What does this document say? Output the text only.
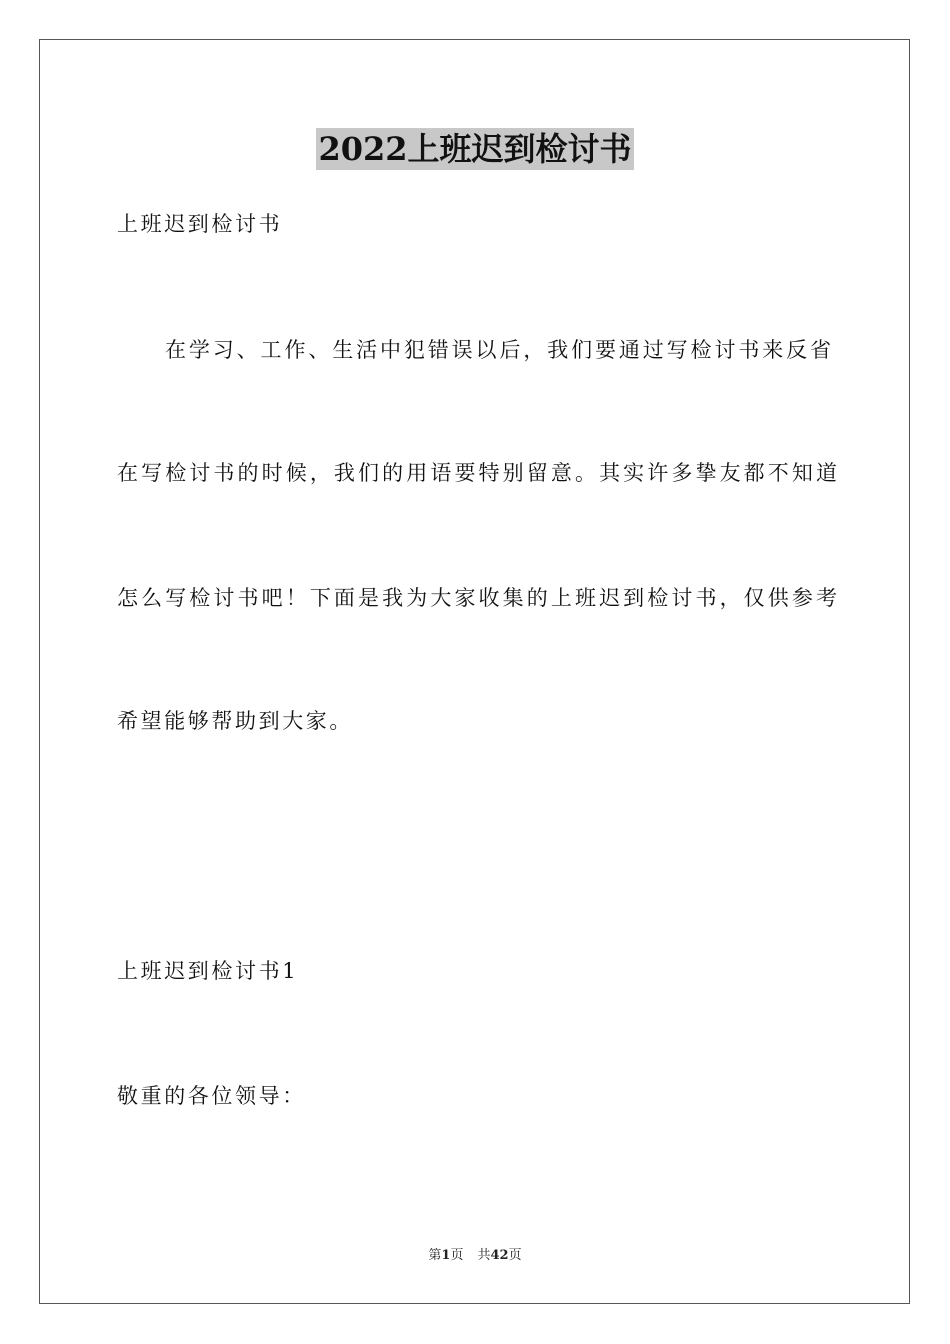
2022上班迟到检讨书
上班迟到检讨书
在学习、工作、生活中犯错误以后，我们要通过写检讨书来反省
在写检讨书的时候，我们的用语要特别留意。其实许多挚友都不知道
怎么写检讨书吧！下面是我为大家收集的上班迟到检讨书，仅供参考
希望能够帮助到大家。
上班迟到检讨书1
敬重的各位领导：
第1页 共42页
